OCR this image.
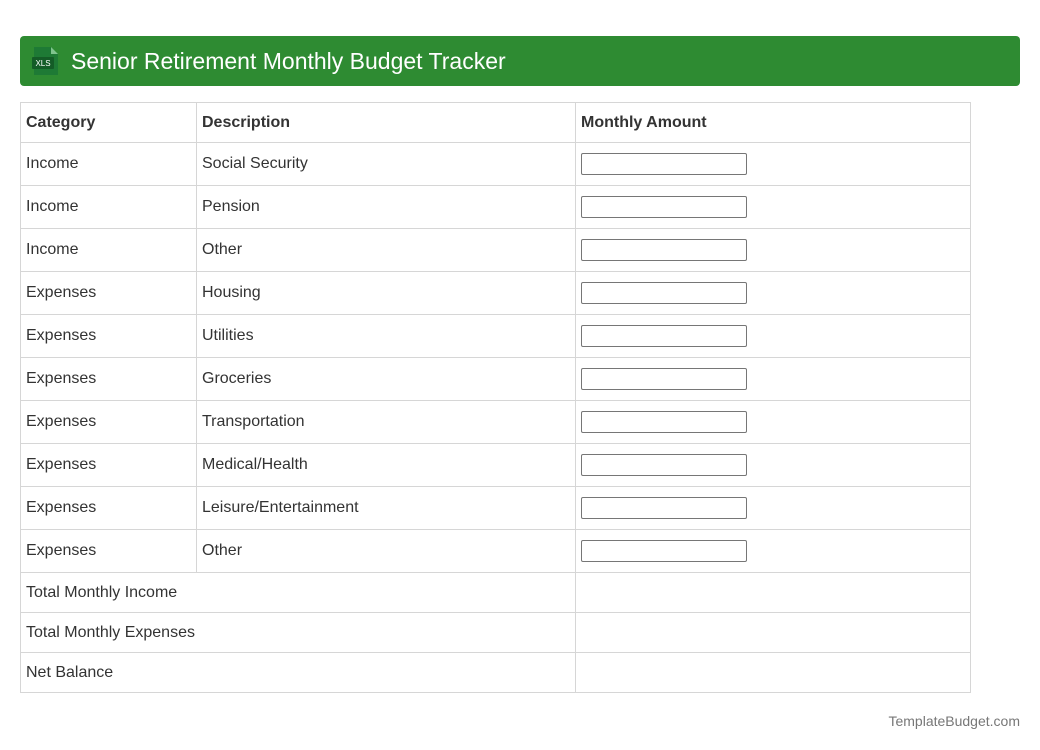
XLS Senior Retirement Monthly Budget Tracker
Category	Description	Monthly Amount
Income	Social Security	

Income	Pension	

Income	Other	

Expenses	Housing	

Expenses	Utilities	

Expenses	Groceries	

Expenses	Transportation	

Expenses	Medical/Health	

Expenses	Leisure/Entertainment	

Expenses	Other	

Total Monthly Income		
Total Monthly Expenses		
Net Balance		
TemplateBudget.com
